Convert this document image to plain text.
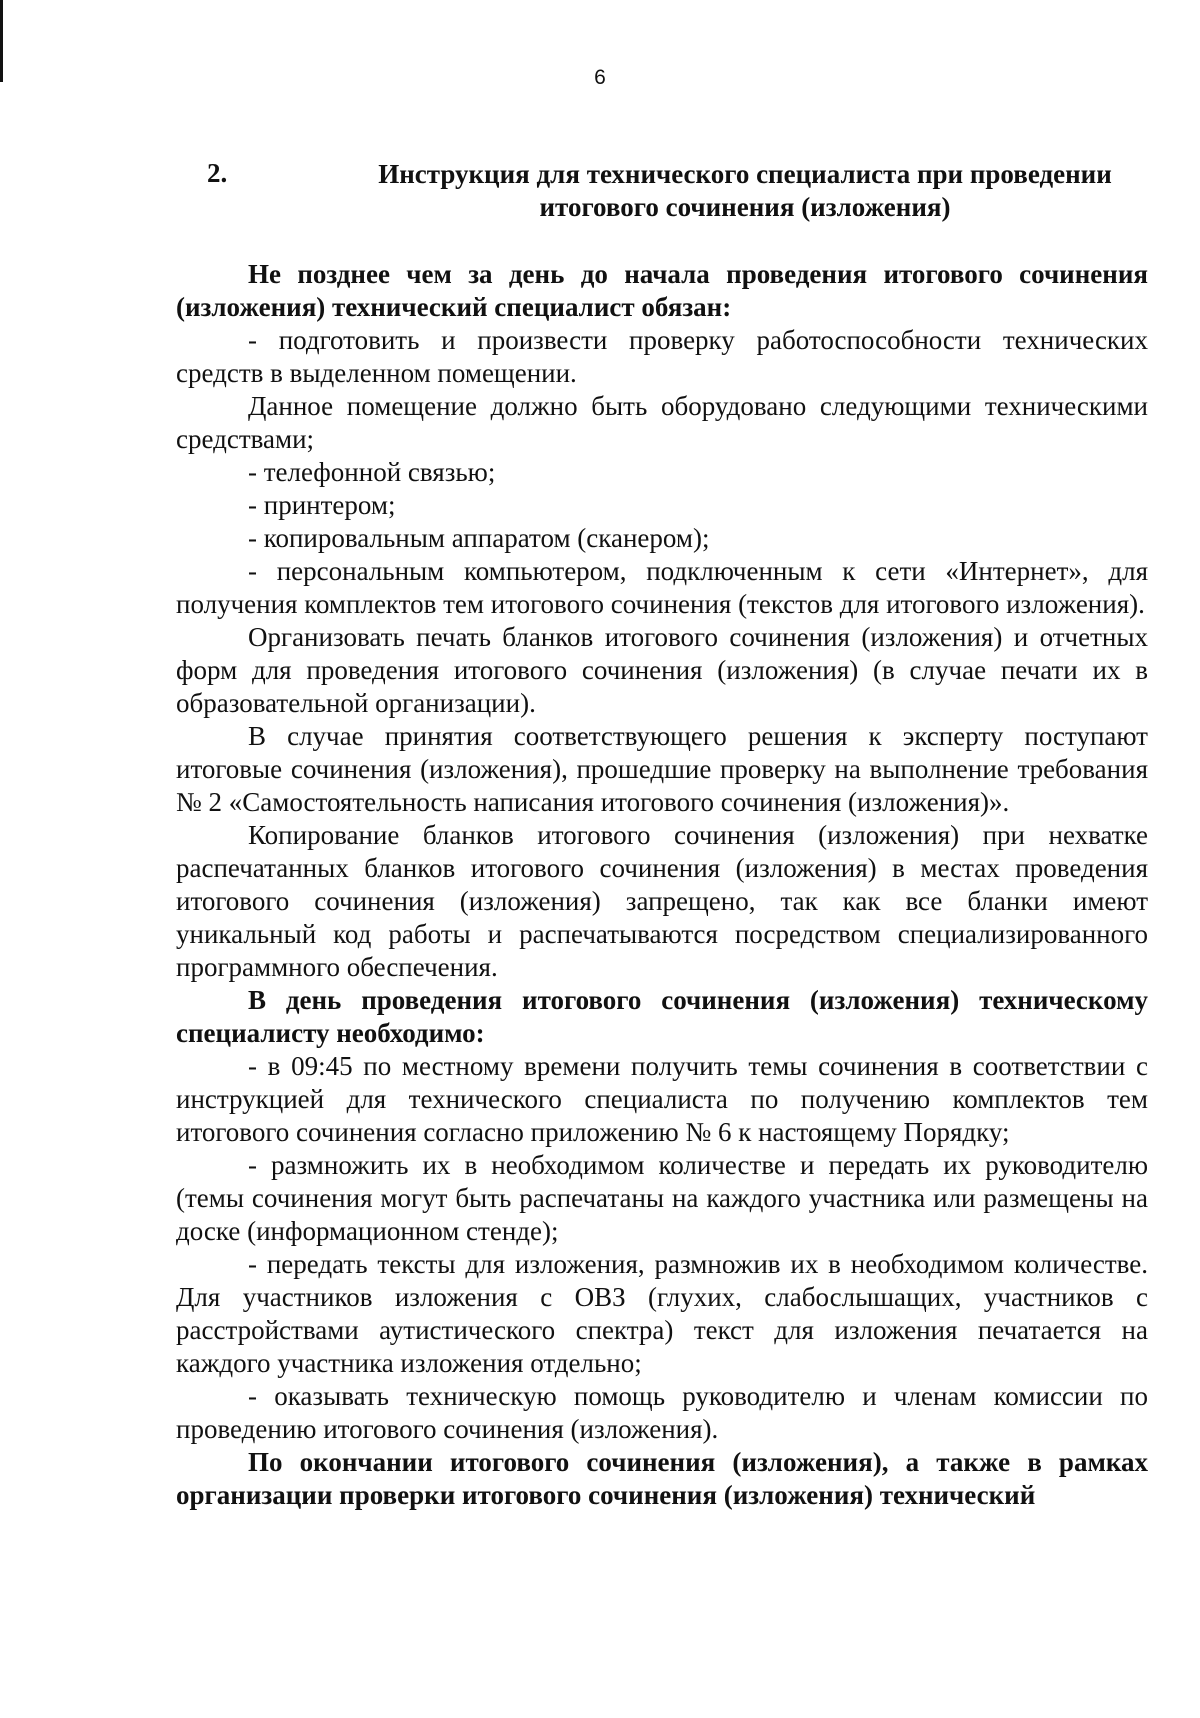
6
2.	Инструкция для технического специалиста при проведении итогового сочинения (изложения)

Не позднее чем за день до начала проведения итогового сочинения (изложения) технический специалист обязан:

- подготовить и произвести проверку работоспособности технических средств в выделенном помещении.

Данное помещение должно быть оборудовано следующими техническими средствами;

- телефонной связью;

- принтером;

- копировальным аппаратом (сканером);

- персональным компьютером, подключенным к сети «Интернет», для получения комплектов тем итогового сочинения (текстов для итогового изложения).

Организовать печать бланков итогового сочинения (изложения) и отчетных форм для проведения итогового сочинения (изложения) (в случае печати их в образовательной организации).

В случае принятия соответствующего решения к эксперту поступают итоговые сочинения (изложения), прошедшие проверку на выполнение требования № 2 «Самостоятельность написания итогового сочинения (изложения)».

Копирование бланков итогового сочинения (изложения) при нехватке распечатанных бланков итогового сочинения (изложения) в местах проведения итогового сочинения (изложения) запрещено, так как все бланки имеют уникальный код работы и распечатываются посредством специализированного программного обеспечения.

В день проведения итогового сочинения (изложения) техническому специалисту необходимо:

- в 09:45 по местному времени получить темы сочинения в соответствии с инструкцией для технического специалиста по получению комплектов тем итогового сочинения согласно приложению № 6 к настоящему Порядку;

- размножить их в необходимом количестве и передать их руководителю (темы сочинения могут быть распечатаны на каждого участника или размещены на доске (информационном стенде);

- передать тексты для изложения, размножив их в необходимом количестве. Для участников изложения с ОВЗ (глухих, слабослышащих, участников с расстройствами аутистического спектра) текст для изложения печатается на каждого участника изложения отдельно;

- оказывать техническую помощь руководителю и членам комиссии по проведению итогового сочинения (изложения).

По окончании итогового сочинения (изложения), а также в рамках организации проверки итогового сочинения (изложения) технический
